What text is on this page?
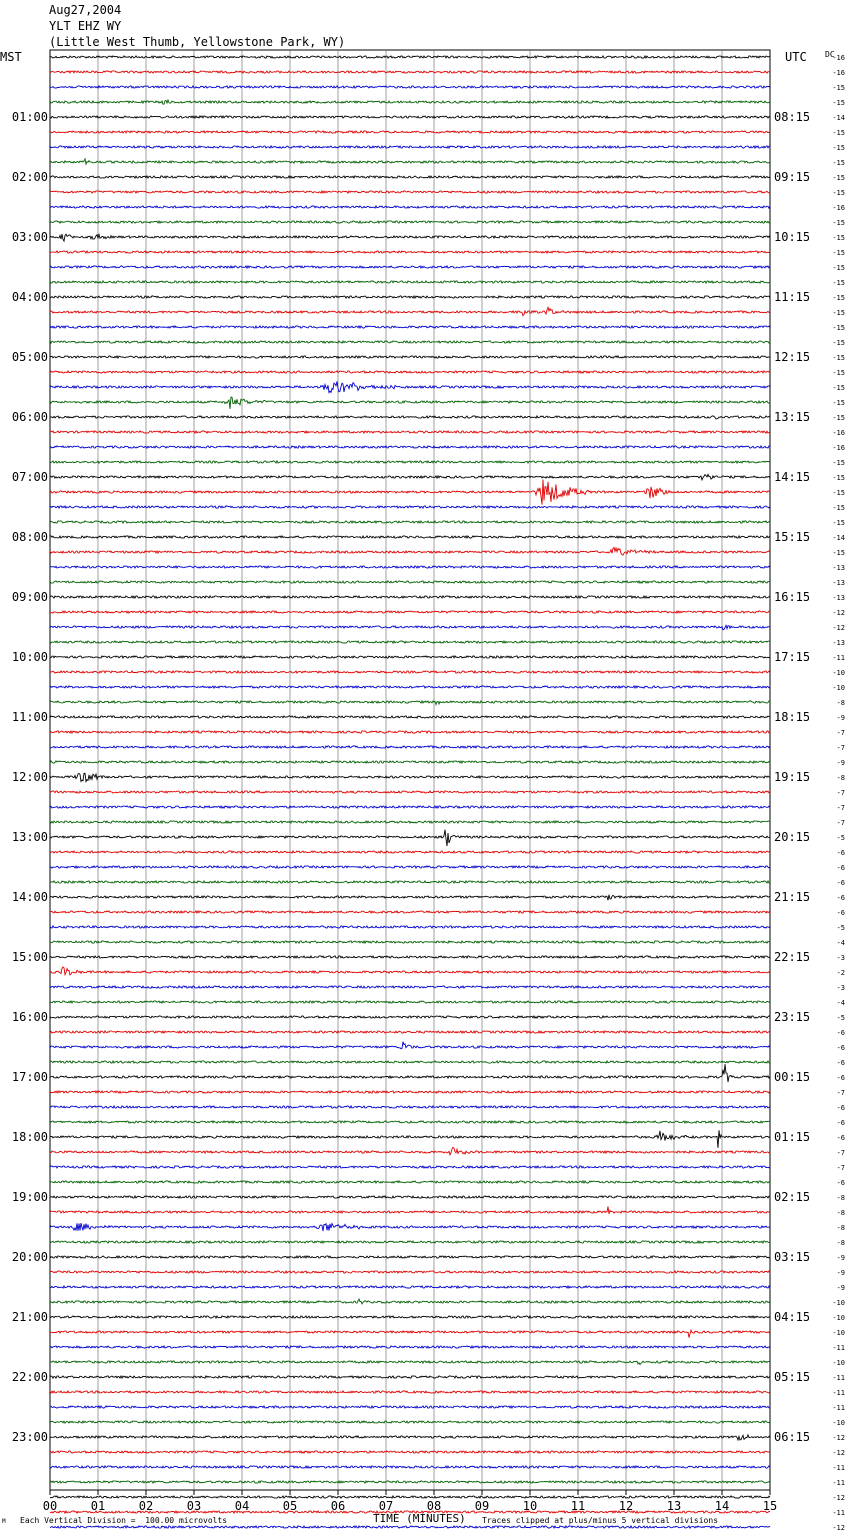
Aug27,2004
YLT EHZ WY
(Little West Thumb, Yellowstone Park, WY)
MST	UTC DC
00	01	02	03	04	05	06	07	08	09	10	11	12	13	14	15
01:00
02:00
03:00
04:00
05:00
06:00
07:00
08:00
09:00
10:00
11:00
12:00
13:00
14:00
15:00
16:00
17:00
18:00
19:00
20:00
21:00
22:00
23:00
08:15
09:15
10:15
11:15
12:15
13:15
14:15
15:15
16:15
17:15
18:15
19:15
20:15
21:15
22:15
23:15
00:15
01:15
02:15
03:15
04:15
05:15
06:15
-16
-16
-15
-15
-14
-15
-15
-15
-15
-15
-16
-15
-15
-15
-15
-15
-15
-15
-15
-15
-15
-15
-15
-15
-15
-16
-16
-15
-15
-15
-15
-15
-14
-15
-13
-13
-13
-12
-12
-13
-11
-10
-10
-8
-9
-7
-7
-9
-8
-7
-7
-7
-5
-6
-6
-6
-6
-6
-5
-4
-3
-2
-3
-4
-5
-6
-6
-6
-6
-7
-6
-6
-6
-7
-7
-6
-8
-8
-8
-8
-9
-9
-9
-10
-10
-10
-11
-10
-11
-11
-11
-10
-12
-12
-11
-11
-12
-11
-12
TIME (MINUTES)
Each Vertical Division =  100.00 microvolts	Traces clipped at plus/minus 5 vertical divisions
M
